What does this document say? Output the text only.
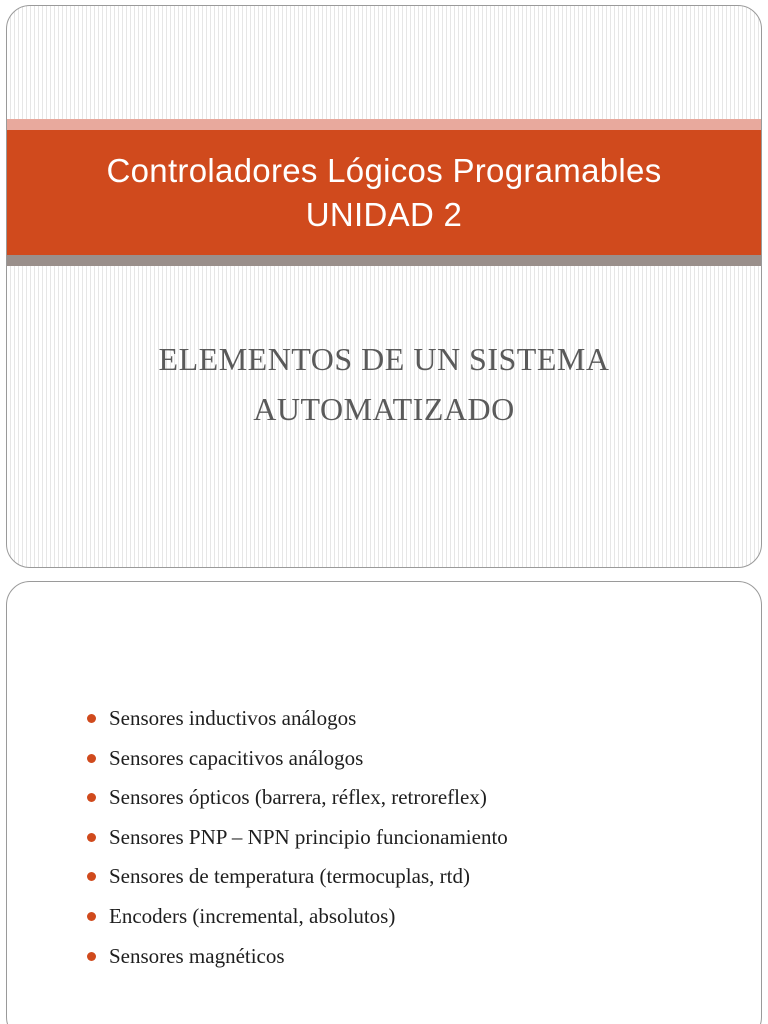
Controladores Lógicos Programables
UNIDAD 2
ELEMENTOS DE UN SISTEMA
AUTOMATIZADO
Sensores inductivos análogos
Sensores capacitivos análogos
Sensores ópticos (barrera, réflex, retroreflex)
Sensores PNP – NPN principio funcionamiento
Sensores de temperatura (termocuplas, rtd)
Encoders (incremental, absolutos)
Sensores magnéticos
